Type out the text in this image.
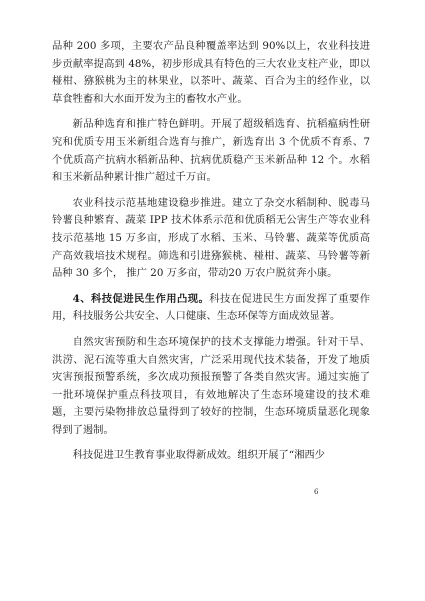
品种 200 多项，主要农产品良种覆盖率达到 90%以上，农业科技进步贡献率提高到 48%，初步形成具有特色的三大农业支柱产业，即以椪柑、猕猴桃为主的林果业，以茶叶、蔬菜、百合为主的经作业，以草食牲畜和大水面开发为主的畜牧水产业。

新品种选育和推广特色鲜明。开展了超级稻选育、抗稻瘟病性研究和优质专用玉米新组合选育与推广，新选育出 3 个优质不育系、7 个优质高产抗病水稻新品种、抗病优质稳产玉米新品种 12 个。水稻和玉米新品种累计推广超过千万亩。

农业科技示范基地建设稳步推进。建立了杂交水稻制种、脱毒马铃薯良种繁育、蔬菜 IPP 技术体系示范和优质稻无公害生产等农业科技示范基地 15 万多亩，形成了水稻、玉米、马铃薯、蔬菜等优质高产高效栽培技术规程。筛选和引进猕猴桃、椪柑、蔬菜、马铃薯等新品种 30 多个， 推广 20 万多亩，带动20 万农户脱贫奔小康。

4、科技促进民生作用凸现。科技在促进民生方面发挥了重要作用，科技服务公共安全、人口健康、生态环保等方面成效显著。

自然灾害预防和生态环境保护的技术支撑能力增强。针对干旱、洪涝、泥石流等重大自然灾害，广泛采用现代技术装备，开发了地质灾害预报预警系统，多次成功预报预警了各类自然灾害。通过实施了一批环境保护重点科技项目，有效地解决了生态环境建设的技术难题，主要污染物排放总量得到了较好的控制，生态环境质量恶化现象得到了遏制。

科技促进卫生教育事业取得新成效。组织开展了“湘西少

6
